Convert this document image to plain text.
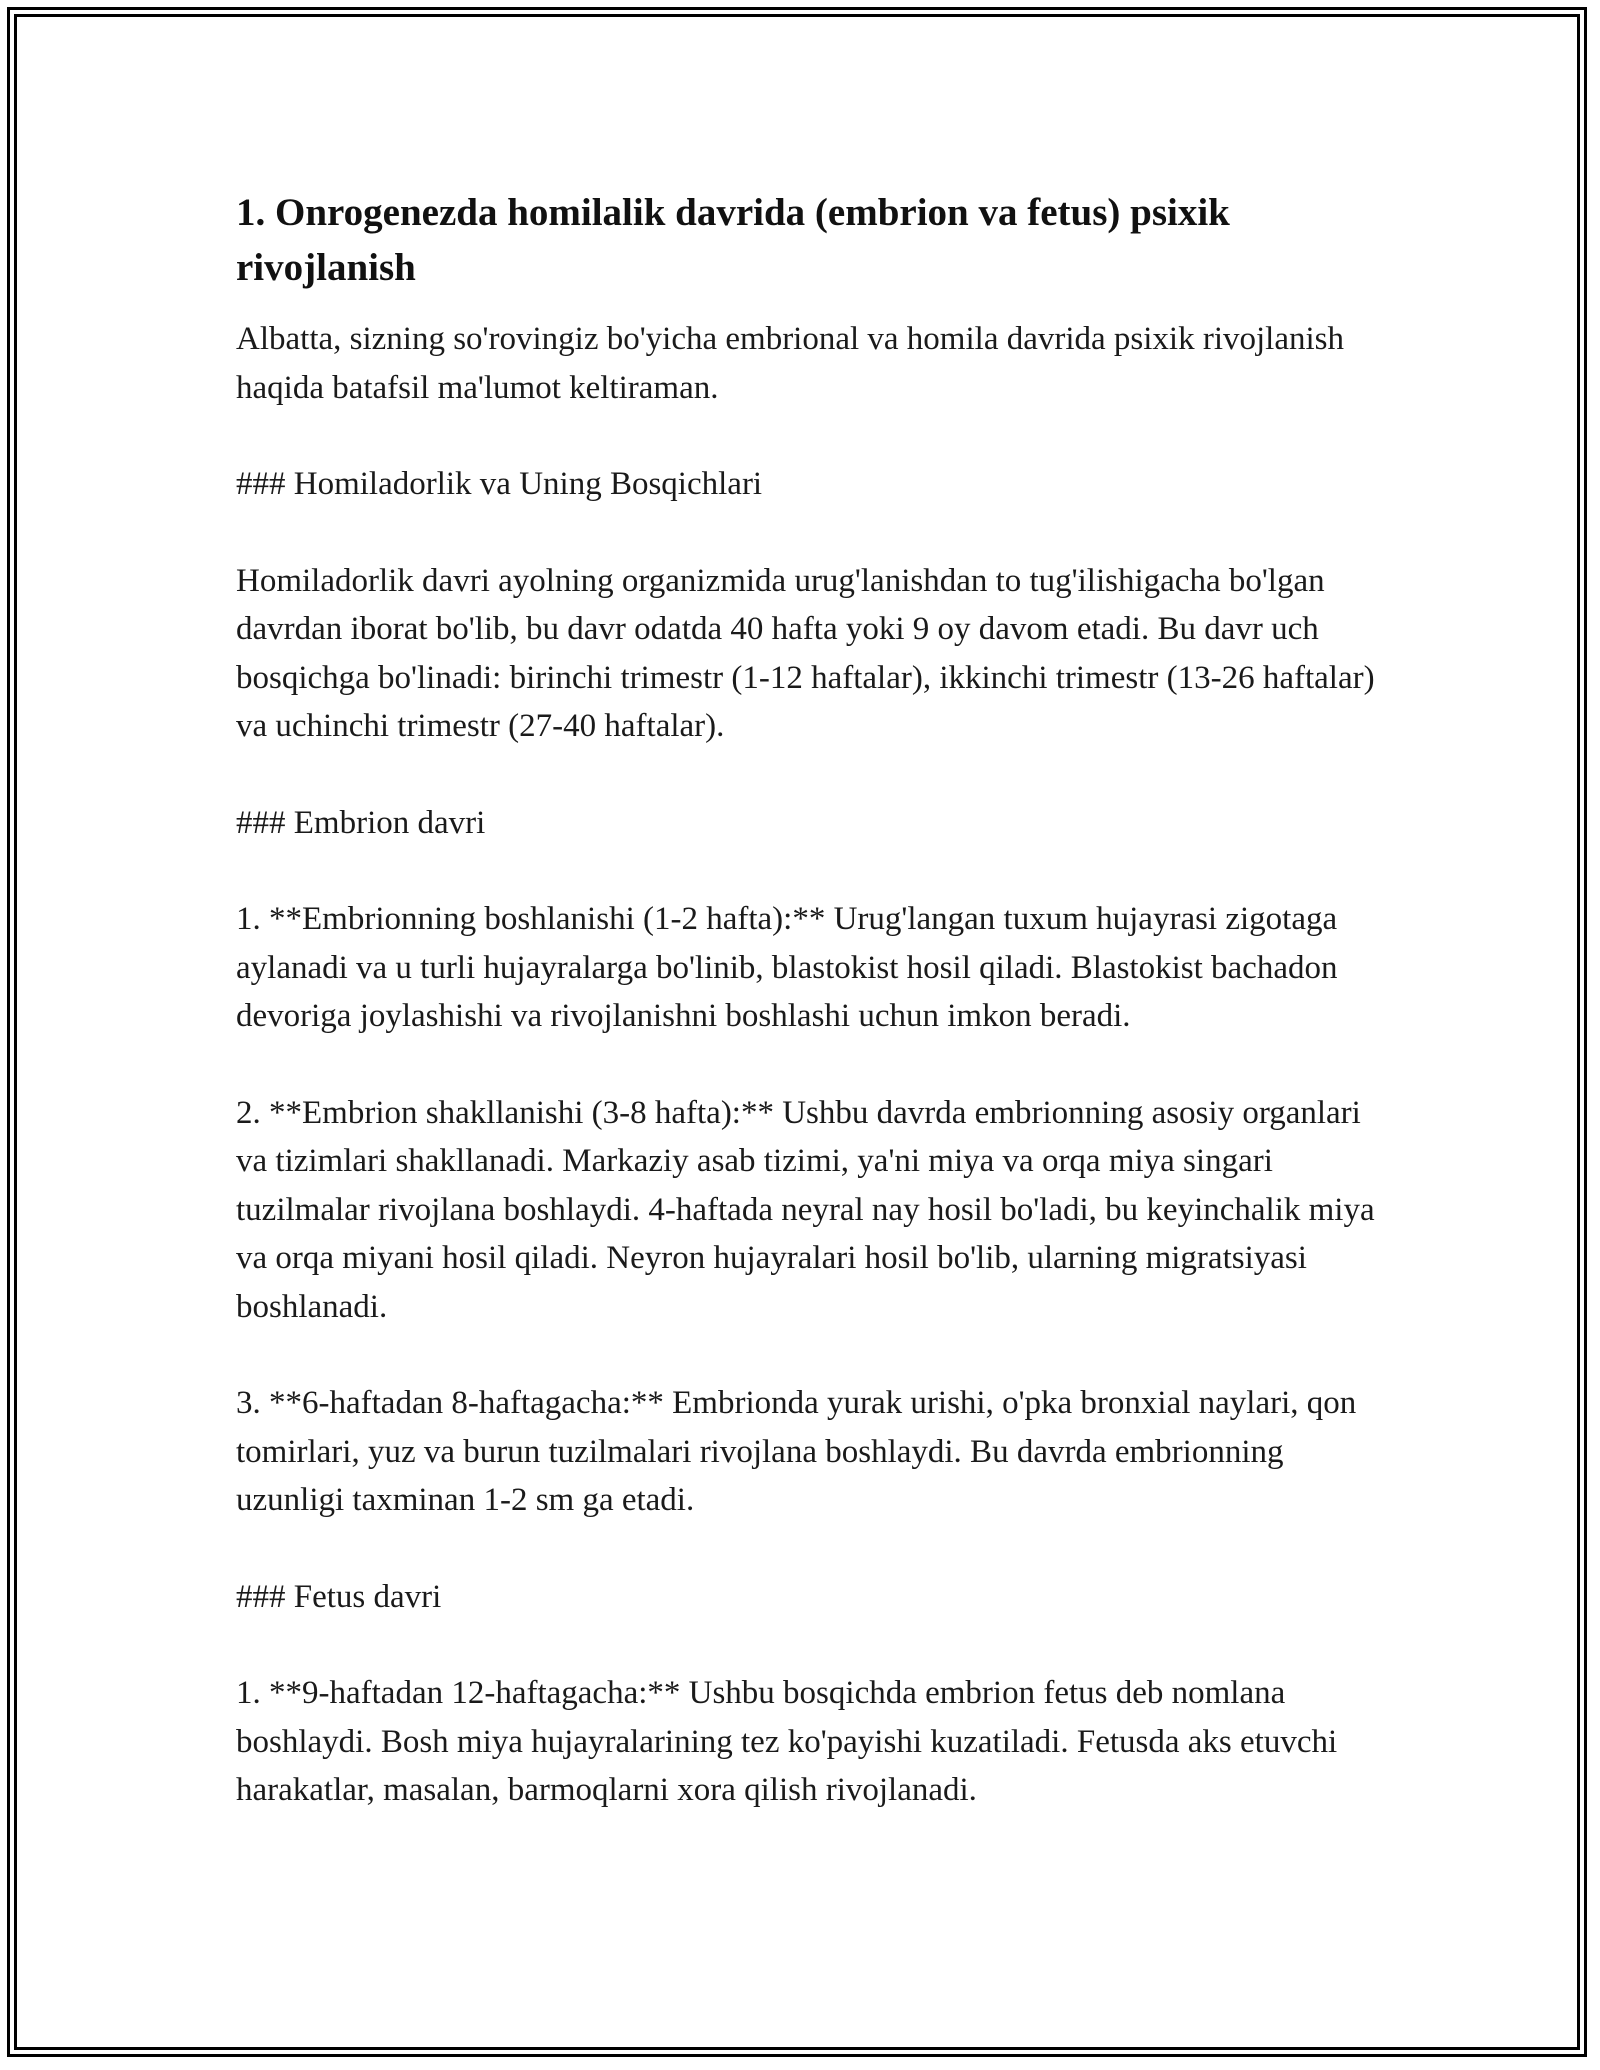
1. Onrogenezda homilalik davrida (embrion va fetus) psixik rivojlanish

Albatta, sizning so'rovingiz bo'yicha embrional va homila davrida psixik rivojlanish haqida batafsil ma'lumot keltiraman.

### Homiladorlik va Uning Bosqichlari

Homiladorlik davri ayolning organizmida urug'lanishdan to tug'ilishigacha bo'lgan davrdan iborat bo'lib, bu davr odatda 40 hafta yoki 9 oy davom etadi. Bu davr uch bosqichga bo'linadi: birinchi trimestr (1-12 haftalar), ikkinchi trimestr (13-26 haftalar) va uchinchi trimestr (27-40 haftalar).

### Embrion davri

1. **Embrionning boshlanishi (1-2 hafta):** Urug'langan tuxum hujayrasi zigotaga aylanadi va u turli hujayralarga bo'linib, blastokist hosil qiladi. Blastokist bachadon devoriga joylashishi va rivojlanishni boshlashi uchun imkon beradi.

2. **Embrion shakllanishi (3-8 hafta):** Ushbu davrda embrionning asosiy organlari va tizimlari shakllanadi. Markaziy asab tizimi, ya'ni miya va orqa miya singari tuzilmalar rivojlana boshlaydi. 4-haftada neyral nay hosil bo'ladi, bu keyinchalik miya va orqa miyani hosil qiladi. Neyron hujayralari hosil bo'lib, ularning migratsiyasi boshlanadi.

3. **6-haftadan 8-haftagacha:** Embrionda yurak urishi, o'pka bronxial naylari, qon tomirlari, yuz va burun tuzilmalari rivojlana boshlaydi. Bu davrda embrionning uzunligi taxminan 1-2 sm ga etadi.

### Fetus davri

1. **9-haftadan 12-haftagacha:** Ushbu bosqichda embrion fetus deb nomlana boshlaydi. Bosh miya hujayralarining tez ko'payishi kuzatiladi. Fetusda aks etuvchi harakatlar, masalan, barmoqlarni xora qilish rivojlanadi.
